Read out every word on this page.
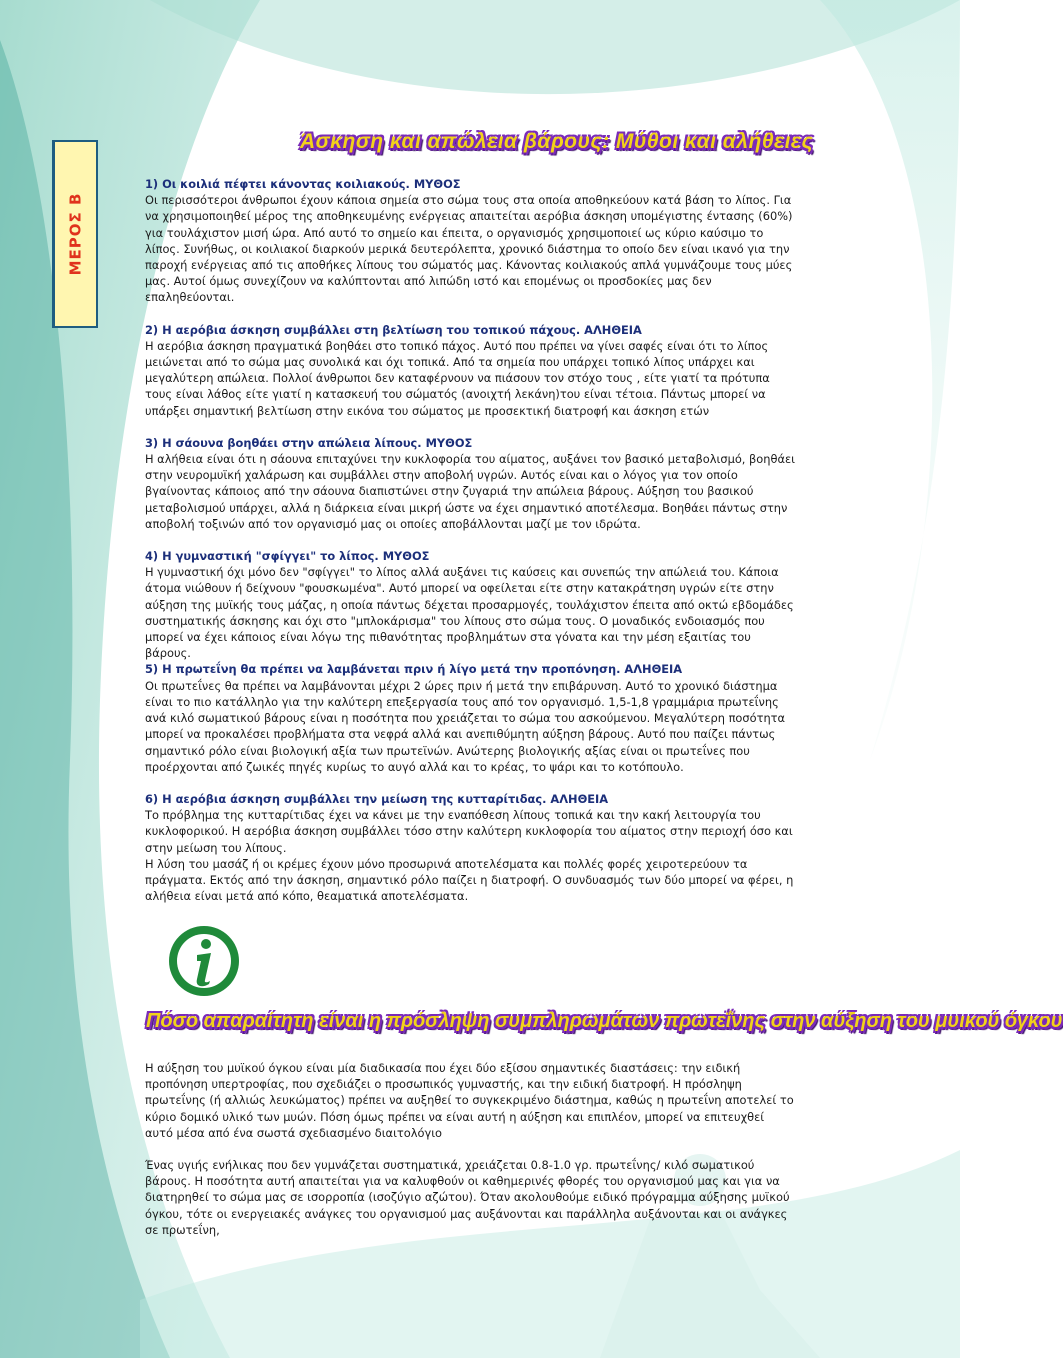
ΜΕΡΟΣ Β
Άσκηση και απώλεια βάρους: Μύθοι και αλήθειες

1) Οι κοιλιά πέφτει κάνοντας κοιλιακούς. ΜΥΘΟΣ
Οι περισσότεροι άνθρωποι έχουν κάποια σημεία στο σώμα τους στα οποία αποθηκεύουν κατά βάση το λίπος. Για να χρησιμοποιηθεί μέρος της αποθηκευμένης ενέργειας απαιτείται αερόβια άσκηση υπομέγιστης έντασης (60%) για τουλάχιστον μισή ώρα. Από αυτό το σημείο και έπειτα, ο οργανισμός χρησιμοποιεί ως κύριο καύσιμο το λίπος. Συνήθως, οι κοιλιακοί διαρκούν μερικά δευτερόλεπτα, χρονικό διάστημα το οποίο δεν είναι ικανό για την παροχή ενέργειας από τις αποθήκες λίπους του σώματός μας. Κάνοντας κοιλιακούς απλά γυμνάζουμε τους μύες μας. Αυτοί όμως συνεχίζουν να καλύπτονται από λιπώδη ιστό και επομένως οι προσδοκίες μας δεν επαληθεύονται.

2) Η αερόβια άσκηση συμβάλλει στη βελτίωση του τοπικού πάχους. ΑΛΗΘΕΙΑ
Η αερόβια άσκηση πραγματικά βοηθάει στο τοπικό πάχος. Αυτό που πρέπει να γίνει σαφές είναι ότι το λίπος μειώνεται από το σώμα μας συνολικά και όχι τοπικά. Από τα σημεία που υπάρχει τοπικό λίπος υπάρχει και μεγαλύτερη απώλεια. Πολλοί άνθρωποι δεν καταφέρνουν να πιάσουν τον στόχο τους , είτε γιατί τα πρότυπα τους είναι λάθος είτε γιατί η κατασκευή του σώματός (ανοιχτή λεκάνη)του είναι τέτοια. Πάντως μπορεί να υπάρξει σημαντική βελτίωση στην εικόνα του σώματος με προσεκτική διατροφή και άσκηση ετών

3) Η σάουνα βοηθάει στην απώλεια λίπους. ΜΥΘΟΣ
Η αλήθεια είναι ότι η σάουνα επιταχύνει την κυκλοφορία του αίματος, αυξάνει τον βασικό μεταβολισμό, βοηθάει στην νευρομυϊκή χαλάρωση και συμβάλλει στην αποβολή υγρών. Αυτός είναι και ο λόγος για τον οποίο βγαίνοντας κάποιος από την σάουνα διαπιστώνει στην ζυγαριά την απώλεια βάρους. Αύξηση του βασικού μεταβολισμού υπάρχει, αλλά η διάρκεια είναι μικρή ώστε να έχει σημαντικό αποτέλεσμα. Βοηθάει πάντως στην αποβολή τοξινών από τον οργανισμό μας οι οποίες αποβάλλονται μαζί με τον ιδρώτα.

4) Η γυμναστική "σφίγγει" το λίπος. ΜΥΘΟΣ
Η γυμναστική όχι μόνο δεν "σφίγγει" το λίπος αλλά αυξάνει τις καύσεις και συνεπώς την απώλειά του. Κάποια άτομα νιώθουν ή δείχνουν "φουσκωμένα". Αυτό μπορεί να οφείλεται είτε στην κατακράτηση υγρών είτε στην αύξηση της μυϊκής τους μάζας, η οποία πάντως δέχεται προσαρμογές, τουλάχιστον έπειτα από οκτώ εβδομάδες συστηματικής άσκησης και όχι στο "μπλοκάρισμα" του λίπους στο σώμα τους. Ο μοναδικός ενδοιασμός που μπορεί να έχει κάποιος είναι λόγω της πιθανότητας προβλημάτων στα γόνατα και την μέση εξαιτίας του βάρους.

5) Η πρωτεΐνη θα πρέπει να λαμβάνεται πριν ή λίγο μετά την προπόνηση. ΑΛΗΘΕΙΑ
Οι πρωτεΐνες θα πρέπει να λαμβάνονται μέχρι 2 ώρες πριν ή μετά την επιβάρυνση. Αυτό το χρονικό διάστημα είναι το πιο κατάλληλο για την καλύτερη επεξεργασία τους από τον οργανισμό. 1,5-1,8 γραμμάρια πρωτεΐνης ανά κιλό σωματικού βάρους είναι η ποσότητα που χρειάζεται το σώμα του ασκούμενου. Μεγαλύτερη ποσότητα μπορεί να προκαλέσει προβλήματα στα νεφρά αλλά και ανεπιθύμητη αύξηση βάρους. Αυτό που παίζει πάντως σημαντικό ρόλο είναι βιολογική αξία των πρωτεϊνών. Ανώτερης βιολογικής αξίας είναι οι πρωτεΐνες που προέρχονται από ζωικές πηγές κυρίως το αυγό αλλά και το κρέας, το ψάρι και το κοτόπουλο.

6) Η αερόβια άσκηση συμβάλλει την μείωση της κυτταρίτιδας. ΑΛΗΘΕΙΑ
Το πρόβλημα της κυτταρίτιδας έχει να κάνει με την εναπόθεση λίπους τοπικά και την κακή λειτουργία του κυκλοφορικού. Η αερόβια άσκηση συμβάλλει τόσο στην καλύτερη κυκλοφορία του αίματος στην περιοχή όσο και στην μείωση του λίπους.
Η λύση του μασάζ ή οι κρέμες έχουν μόνο προσωρινά αποτελέσματα και πολλές φορές χειροτερεύουν τα πράγματα. Εκτός από την άσκηση, σημαντικό ρόλο παίζει η διατροφή. Ο συνδυασμός των δύο μπορεί να φέρει, η αλήθεια είναι μετά από κόπο, θεαματικά αποτελέσματα.

Πόσο απαραίτητη είναι η πρόσληψη συμπληρωμάτων πρωτεΐνης στην αύξηση του μυικού όγκου

Η αύξηση του μυϊκού όγκου είναι μία διαδικασία που έχει δύο εξίσου σημαντικές διαστάσεις: την ειδική προπόνηση υπερτροφίας, που σχεδιάζει ο προσωπικός γυμναστής, και την ειδική διατροφή. Η πρόσληψη πρωτεΐνης (ή αλλιώς λευκώματος) πρέπει να αυξηθεί το συγκεκριμένο διάστημα, καθώς η πρωτεΐνη αποτελεί το κύριο δομικό υλικό των μυών. Πόση όμως πρέπει να είναι αυτή η αύξηση και επιπλέον, μπορεί να επιτευχθεί αυτό μέσα από ένα σωστά σχεδιασμένο διαιτολόγιο

Ένας υγιής ενήλικας που δεν γυμνάζεται συστηματικά, χρειάζεται 0.8-1.0 γρ. πρωτεΐνης/ κιλό σωματικού βάρους. Η ποσότητα αυτή απαιτείται για να καλυφθούν οι καθημερινές φθορές του οργανισμού μας και για να διατηρηθεί το σώμα μας σε ισορροπία (ισοζύγιο αζώτου). Όταν ακολουθούμε ειδικό πρόγραμμα αύξησης μυϊκού όγκου, τότε οι ενεργειακές ανάγκες του οργανισμού μας αυξάνονται και παράλληλα αυξάνονται και οι ανάγκες σε πρωτεΐνη,
